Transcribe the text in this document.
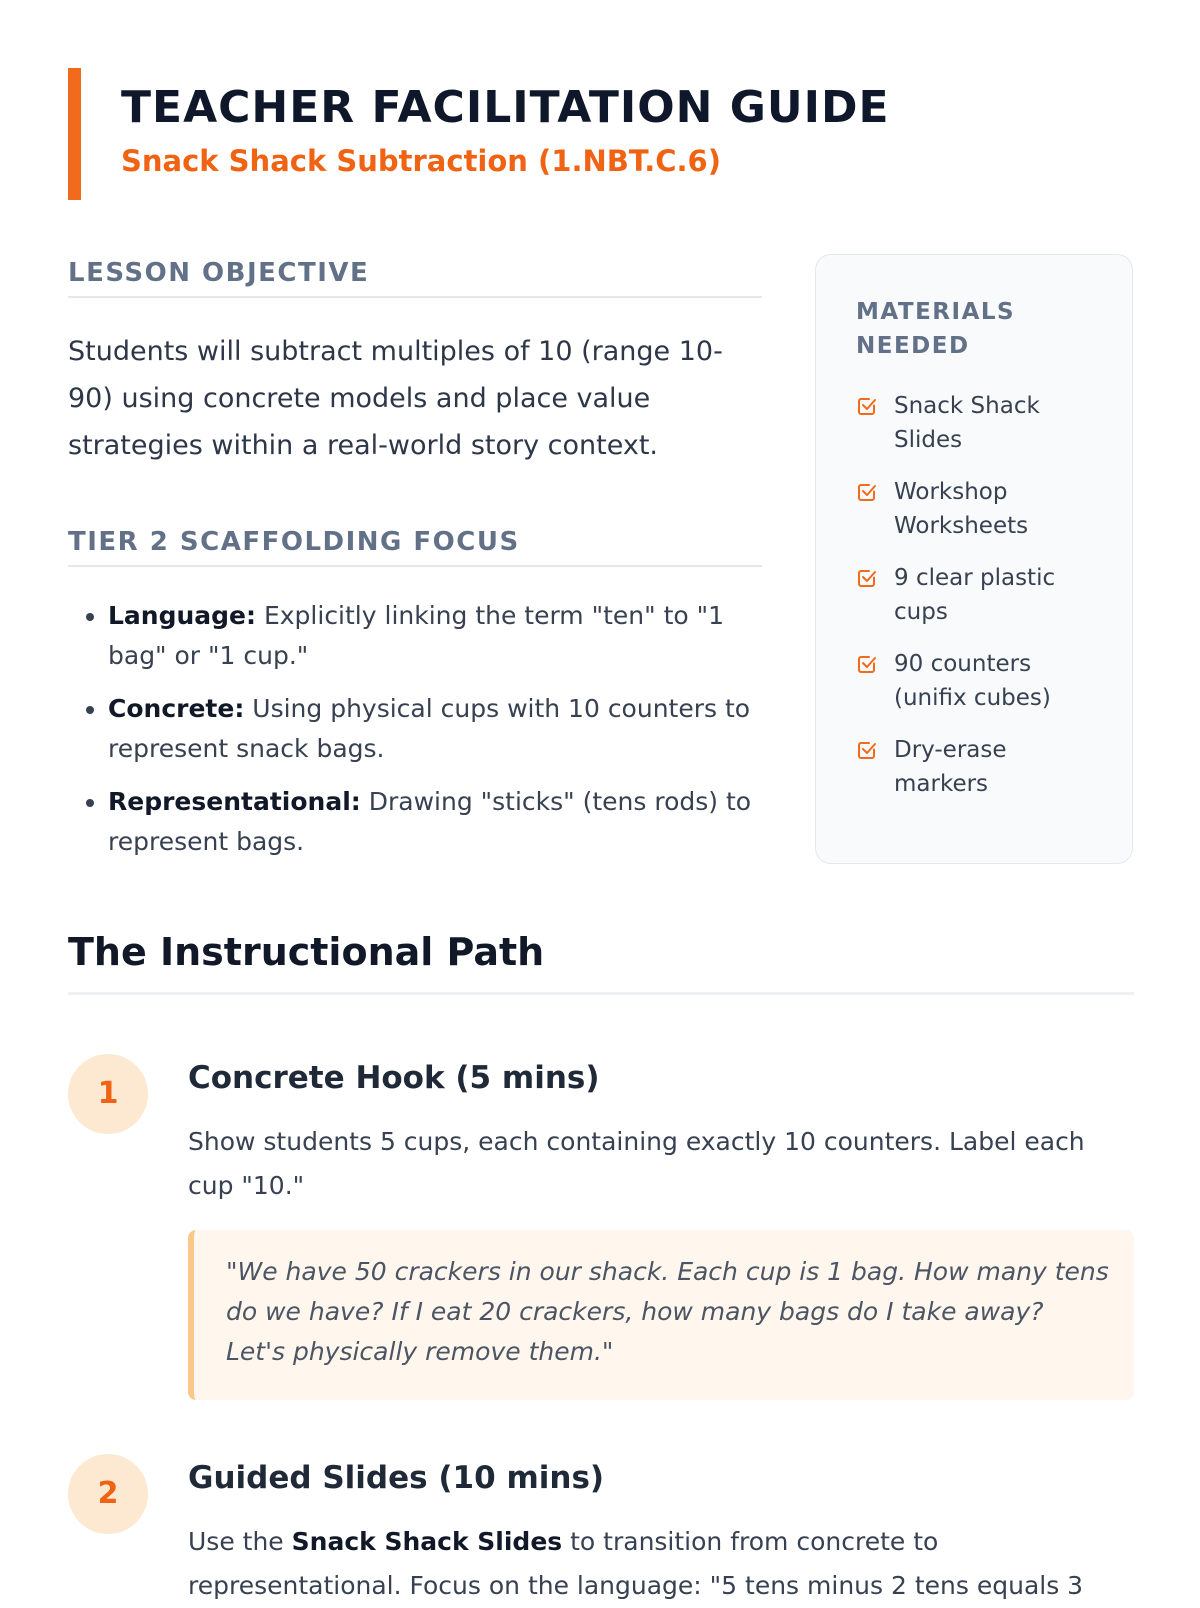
TEACHER FACILITATION GUIDE
Snack Shack Subtraction (1.NBT.C.6)
LESSON OBJECTIVE

Students will subtract multiples of 10 (range 10-90) using concrete models and place value strategies within a real-world story context.

TIER 2 SCAFFOLDING FOCUS
• Language: Explicitly linking the term "ten" to "1 bag" or "1 cup."
• Concrete: Using physical cups with 10 counters to represent snack bags.
• Representational: Drawing "sticks" (tens rods) to represent bags.
MATERIALS NEEDED
Snack Shack Slides
Workshop Worksheets
9 clear plastic cups
90 counters (unifix cubes)
Dry-erase markers
The Instructional Path
1	Concrete Hook (5 mins)

Show students 5 cups, each containing exactly 10 counters. Label each cup "10."

"We have 50 crackers in our shack. Each cup is 1 bag. How many tens do we have? If I eat 20 crackers, how many bags do I take away? Let's physically remove them."
2	Guided Slides (10 mins)

Use the Snack Shack Slides to transition from concrete to representational. Focus on the language: "5 tens minus 2 tens equals 3
